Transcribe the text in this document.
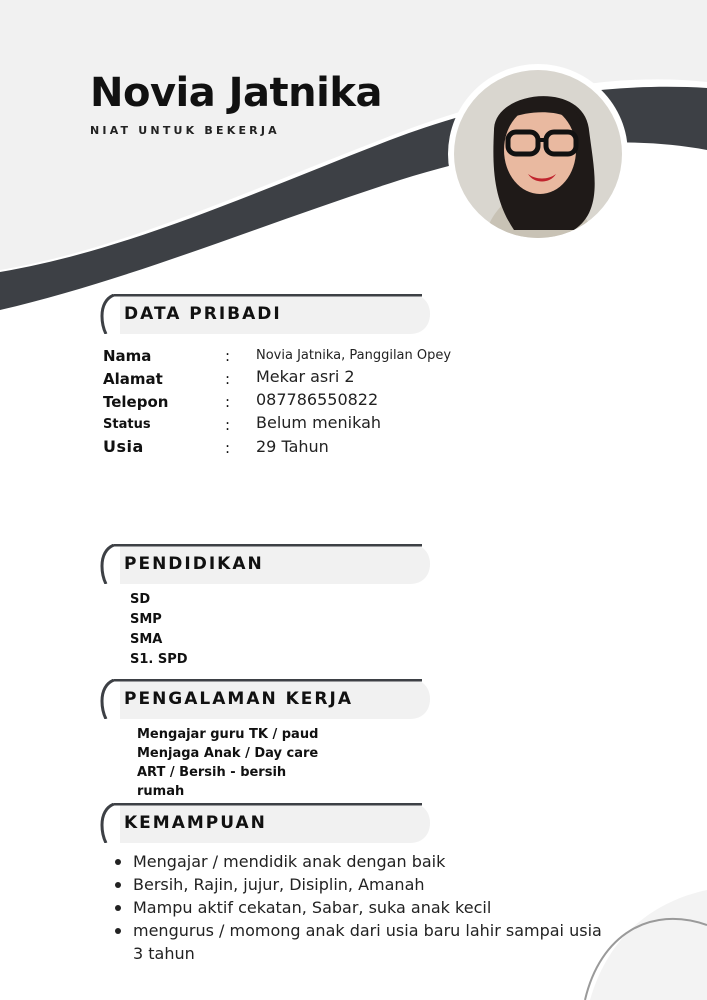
Novia Jatnika
NIAT UNTUK BEKERJA
DATA PRIBADI
Nama	: Novia Jatnika, Panggilan Opey
Alamat	: Mekar asri 2
Telepon	: 087786550822
Status	: Belum menikah
Usia	: 29 Tahun
PENDIDIKAN
SD
SMP
SMA
S1. SPD
PENGALAMAN KERJA
Mengajar guru TK / paud
Menjaga Anak / Day care
ART / Bersih - bersih rumah
KEMAMPUAN
Mengajar / mendidik anak dengan baik
Bersih, Rajin, jujur, Disiplin, Amanah
Mampu aktif cekatan, Sabar, suka anak kecil
mengurus / momong anak dari usia baru lahir sampai usia 3 tahun
